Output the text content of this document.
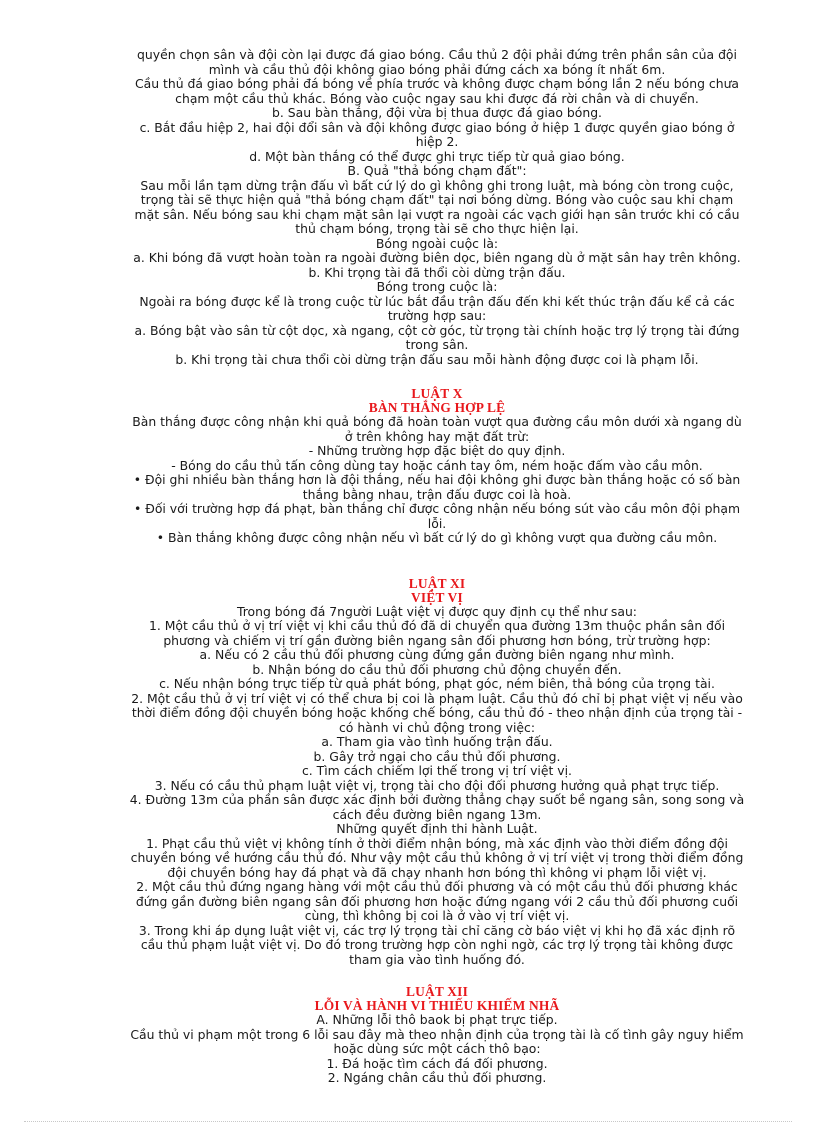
quyền chọn sân và đội còn lại được đá giao bóng. Cầu thủ 2 đội phải đứng trên phần sân của đội mình và cầu thủ đội không giao bóng phải đứng cách xa bóng ít nhất 6m.

Cầu thủ đá giao bóng phải đá bóng về phía trước và không được chạm bóng lần 2 nếu bóng chưa chạm một cầu thủ khác. Bóng vào cuộc ngay sau khi được đá rời chân và di chuyển.

b. Sau bàn thắng, đội vừa bị thua được đá giao bóng.

c. Bắt đầu hiệp 2, hai đội đổi sân và đội không được giao bóng ở hiệp 1 được quyền giao bóng ở hiệp 2.

d. Một bàn thắng có thể được ghi trực tiếp từ quả giao bóng.

B. Quả "thả bóng chạm đất":

Sau mỗi lần tạm dừng trận đấu vì bất cứ lý do gì không ghi trong luật, mà bóng còn trong cuộc, trọng tài sẽ thực hiện quả "thả bóng chạm đất" tại nơi bóng dừng. Bóng vào cuộc sau khi chạm mặt sân. Nếu bóng sau khi chạm mặt sân lại vượt ra ngoài các vạch giới hạn sân trước khi có cầu thủ chạm bóng, trọng tài sẽ cho thực hiện lại.

Bóng ngoài cuộc là:

a. Khi bóng đã vượt hoàn toàn ra ngoài đường biên dọc, biên ngang dù ở mặt sân hay trên không.

b. Khi trọng tài đã thổi còi dừng trận đấu.

Bóng trong cuộc là:

Ngoài ra bóng được kể là trong cuộc từ lúc bắt đầu trận đấu đến khi kết thúc trận đấu kể cả các trường hợp sau:

a. Bóng bật vào sân từ cột dọc, xà ngang, cột cờ góc, từ trọng tài chính hoặc trợ lý trọng tài đứng trong sân.

b. Khi trọng tài chưa thổi còi dừng trận đấu sau mỗi hành động được coi là phạm lỗi.

LUẬT X

BÀN THẮNG HỢP LỆ

Bàn thắng được công nhận khi quả bóng đã hoàn toàn vượt qua đường cầu môn dưới xà ngang dù ở trên không hay mặt đất trừ:

- Những trường hợp đặc biệt do quy định.

- Bóng do cầu thủ tấn công dùng tay hoặc cánh tay ôm, ném hoặc đấm vào cầu môn.

• Đội ghi nhiều bàn thắng hơn là đội thắng, nếu hai đội không ghi được bàn thắng hoặc có số bàn thắng bằng nhau, trận đấu được coi là hoà.

• Đối với trường hợp đá phạt, bàn thắng chỉ được công nhận nếu bóng sút vào cầu môn đội phạm lỗi.

• Bàn thắng không được công nhận nếu vì bất cứ lý do gì không vượt qua đường cầu môn.

LUẬT XI

VIỆT VỊ

Trong bóng đá 7người Luật việt vị được quy định cụ thể như sau:

1. Một cầu thủ ở vị trí việt vị khi cầu thủ đó đã di chuyển qua đường 13m thuộc phần sân đối phương và chiếm vị trí gần đường biên ngang sân đối phương hơn bóng, trừ trường hợp:

a. Nếu có 2 cầu thủ đối phương cùng đứng gần đường biên ngang như mình.

b. Nhận bóng do cầu thủ đối phương chủ động chuyền đến.

c. Nếu nhận bóng trực tiếp từ quả phát bóng, phạt góc, ném biên, thả bóng của trọng tài.

2. Một cầu thủ ở vị trí việt vị có thể chưa bị coi là phạm luật. Cầu thủ đó chỉ bị phạt việt vị nếu vào thời điểm đồng đội chuyền bóng hoặc khống chế bóng, cầu thủ đó - theo nhận định của trọng tài - có hành vi chủ động trong việc:

a. Tham gia vào tình huống trận đấu.

b. Gây trở ngại cho cầu thủ đối phương.

c. Tìm cách chiếm lợi thế trong vị trí việt vị.

3. Nếu có cầu thủ phạm luật việt vị, trọng tài cho đội đối phương hưởng quả phạt trực tiếp.

4. Đường 13m của phần sân được xác định bởi đường thẳng chạy suốt bề ngang sân, song song và cách đều đường biên ngang 13m.

Những quyết định thi hành Luật.

1. Phạt cầu thủ việt vị không tính ở thời điểm nhận bóng, mà xác định vào thời điểm đồng đội chuyền bóng về hướng cầu thủ đó. Như vậy một cầu thủ không ở vị trí việt vị trong thời điểm đồng đội chuyền bóng hay đá phạt và đã chạy nhanh hơn bóng thì không vi phạm lỗi việt vị.

2. Một cầu thủ đứng ngang hàng với một cầu thủ đối phương và có một cầu thủ đối phương khác đứng gần đường biên ngang sân đối phương hơn hoặc đứng ngang với 2 cầu thủ đối phương cuối cùng, thì không bị coi là ở vào vị trí việt vị.

3. Trong khi áp dụng luật việt vị, các trợ lý trọng tài chỉ căng cờ báo việt vị khi họ đã xác định rõ cầu thủ phạm luật việt vị. Do đó trong trường hợp còn nghi ngờ, các trợ lý trọng tài không được tham gia vào tình huống đó.

LUẬT XII

LỖI VÀ HÀNH VI THIẾU KHIẾM NHÃ

A. Những lỗi thô baok bị phạt trực tiếp.

Cầu thủ vi phạm một trong 6 lỗi sau đây mà theo nhận định của trọng tài là cố tình gây nguy hiểm hoặc dùng sức một cách thô bạo:

1. Đá hoặc tìm cách đá đối phương.

2. Ngáng chân cầu thủ đối phương.
